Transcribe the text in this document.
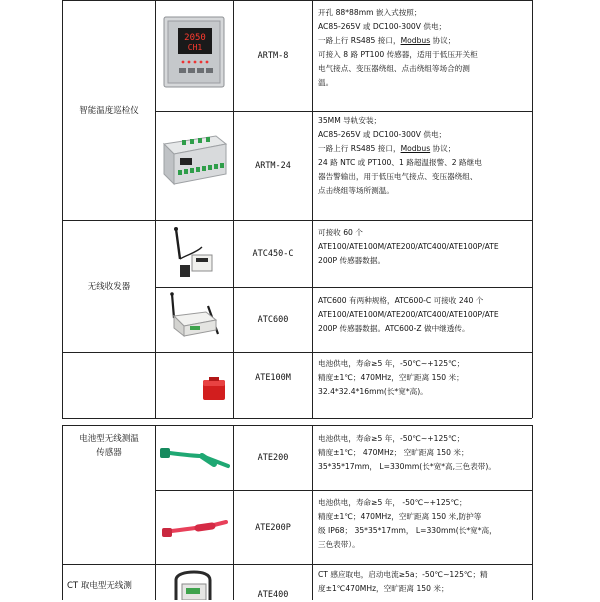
智能温度巡检仪
无线收发器
电池型无线测温
传感器
CT 取电型无线测
2050
CH1
ARTM-8
ARTM-24
ATC450-C
ATC600
ATE100M
ATE200
ATE200P
ATE400
开孔 88*88mm 嵌入式按照；
AC85-265V 或 DC100-300V 供电；
一路上行 RS485 接口，Modbus 协议；
可接入 8 路 PT100 传感器，适用于低压开关柜
电气接点、变压器绕组、点击绕组等场合的测
温。
35MM 导轨安装；
AC85-265V 或 DC100-300V 供电；
一路上行 RS485 接口，Modbus 协议；
24 路 NTC 或 PT100、1 路超温报警、2 路继电
器告警输出，用于低压电气接点、变压器绕组、
点击绕组等场所测温。
可接收 60 个
ATE100/ATE100M/ATE200/ATC400/ATE100P/ATE
200P 传感器数据。
ATC600 有两种规格，ATC600-C 可接收 240 个
ATE100/ATE100M/ATE200/ATC400/ATE100P/ATE
200P 传感器数据。ATC600-Z 做中继透传。
电池供电，寿命≥5 年，-50℃~+125℃；
精度±1℃；470MHz，空旷距离 150 米；
32.4*32.4*16mm(长*宽*高)。
电池供电，寿命≥5 年，-50℃~+125℃；
精度±1℃； 470MHz； 空旷距离 150 米；
35*35*17mm， L=330mm(长*宽*高,三色表带)。
电池供电，寿命≥5 年， -50℃~+125℃；
精度±1℃；470MHz，空旷距离 150 米,防护等
级 IP68； 35*35*17mm， L=330mm(长*宽*高，
三色表带）。
CT 感应取电，启动电流≥5a；-50℃~125℃；精
度±1℃470MHz，空旷距离 150 米；
